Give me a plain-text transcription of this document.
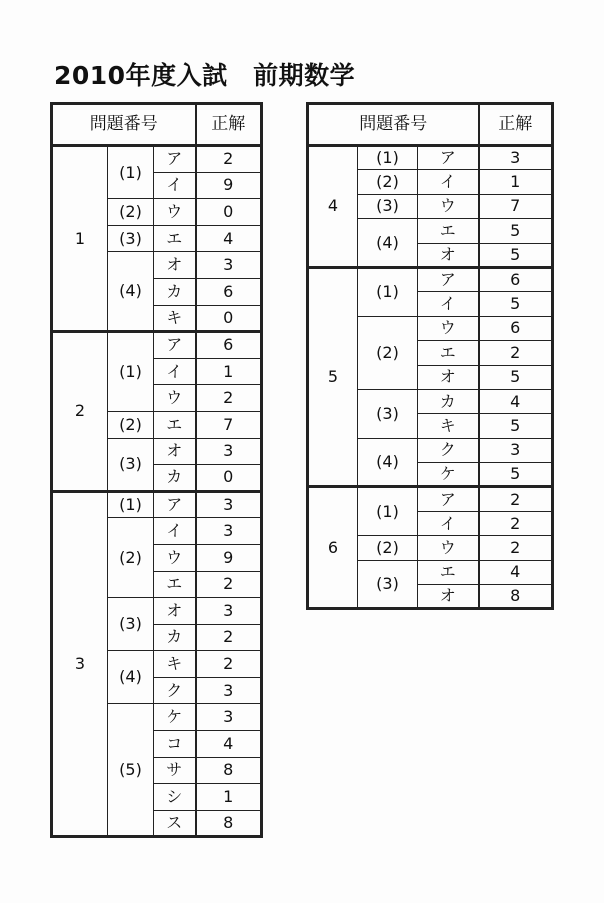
2010年度入試　前期数学
問題番号			正解
1	(1)	ア	2
		イ	9
	(2)	ウ	0
	(3)	エ	4
	(4)	オ	3
		カ	6
		キ	0
2	(1)	ア	6
		イ	1
		ウ	2
	(2)	エ	7
	(3)	オ	3
		カ	0
3	(1)	ア	3
	(2)	イ	3
		ウ	9
		エ	2
	(3)	オ	3
		カ	2
	(4)	キ	2
		ク	3
	(5)	ケ	3
		コ	4
		サ	8
		シ	1
		ス	8
問題番号			正解
4	(1)	ア	3
	(2)	イ	1
	(3)	ウ	7
	(4)	エ	5
		オ	5
5	(1)	ア	6
		イ	5
	(2)	ウ	6
		エ	2
		オ	5
	(3)	カ	4
		キ	5
	(4)	ク	3
		ケ	5
6	(1)	ア	2
		イ	2
	(2)	ウ	2
	(3)	エ	4
		オ	8
